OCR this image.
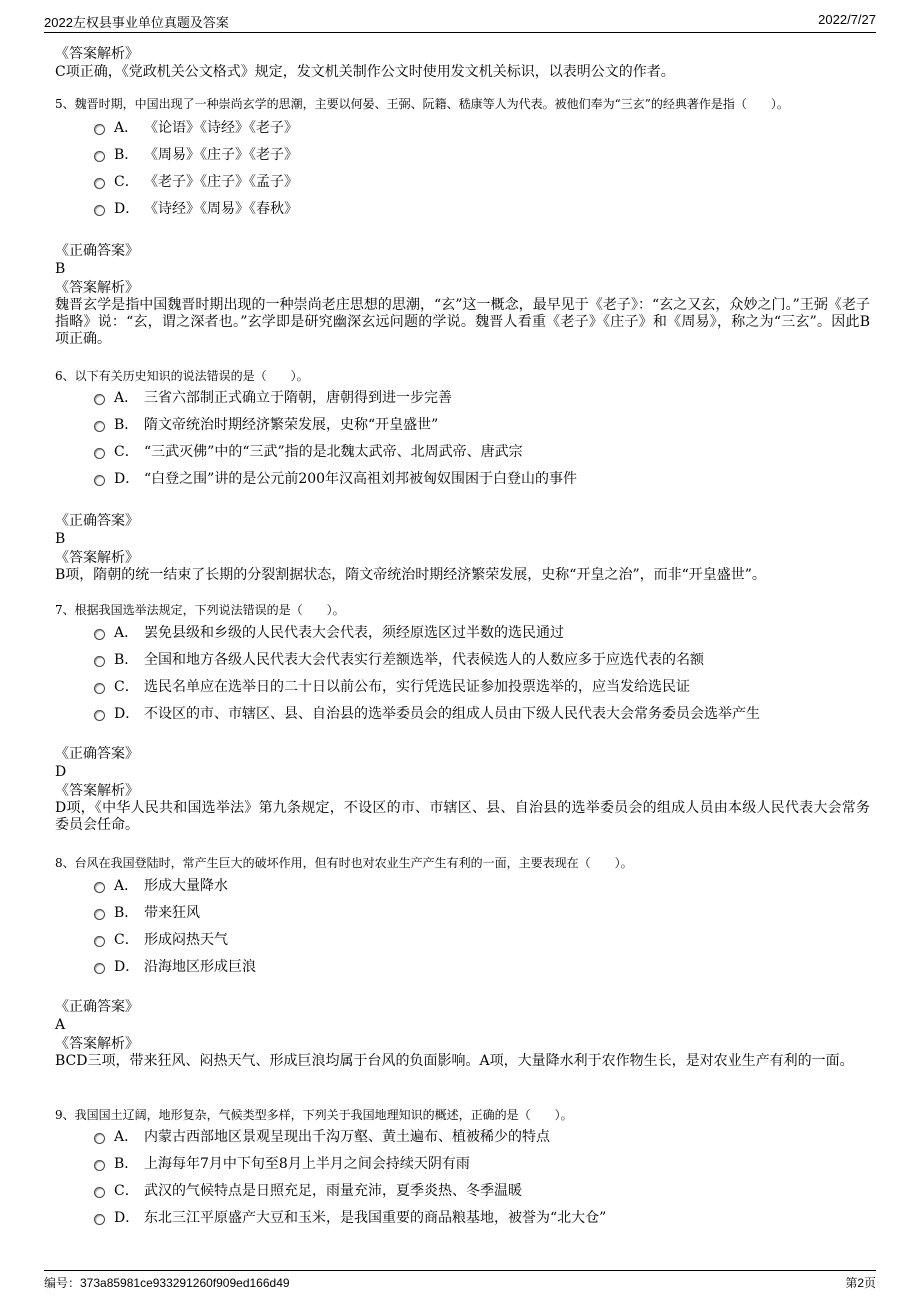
2022左权县事业单位真题及答案	2022/7/27
《答案解析》
C项正确，《党政机关公文格式》规定，发文机关制作公文时使用发文机关标识，以表明公文的作者。
5、魏晋时期，中国出现了一种崇尚玄学的思潮，主要以何晏、王弼、阮籍、嵇康等人为代表。被他们奉为“三玄”的经典著作是指（　　）。
A． 《论语》《诗经》《老子》
B． 《周易》《庄子》《老子》
C． 《老子》《庄子》《孟子》
D． 《诗经》《周易》《春秋》
《正确答案》
B
《答案解析》
魏晋玄学是指中国魏晋时期出现的一种崇尚老庄思想的思潮，“玄”这一概念，最早见于《老子》：“玄之又玄，众妙之门。”王弼《老子指略》说：“玄，谓之深者也。”玄学即是研究幽深玄远问题的学说。魏晋人看重《老子》《庄子》和《周易》，称之为“三玄”。因此B项正确。
6、以下有关历史知识的说法错误的是（　　）。
A． 三省六部制正式确立于隋朝，唐朝得到进一步完善
B． 隋文帝统治时期经济繁荣发展，史称“开皇盛世”
C． “三武灭佛”中的“三武”指的是北魏太武帝、北周武帝、唐武宗
D． “白登之围”讲的是公元前200年汉高祖刘邦被匈奴围困于白登山的事件
《正确答案》
B
《答案解析》
B项，隋朝的统一结束了长期的分裂割据状态，隋文帝统治时期经济繁荣发展，史称“开皇之治”，而非“开皇盛世”。
7、根据我国选举法规定，下列说法错误的是（　　）。
A． 罢免县级和乡级的人民代表大会代表，须经原选区过半数的选民通过
B． 全国和地方各级人民代表大会代表实行差额选举，代表候选人的人数应多于应选代表的名额
C． 选民名单应在选举日的二十日以前公布，实行凭选民证参加投票选举的，应当发给选民证
D． 不设区的市、市辖区、县、自治县的选举委员会的组成人员由下级人民代表大会常务委员会选举产生
《正确答案》
D
《答案解析》
D项，《中华人民共和国选举法》第九条规定，不设区的市、市辖区、县、自治县的选举委员会的组成人员由本级人民代表大会常务委员会任命。
8、台风在我国登陆时，常产生巨大的破坏作用，但有时也对农业生产产生有利的一面，主要表现在（　　）。
A． 形成大量降水
B． 带来狂风
C． 形成闷热天气
D． 沿海地区形成巨浪
《正确答案》
A
《答案解析》
BCD三项，带来狂风、闷热天气、形成巨浪均属于台风的负面影响。A项，大量降水利于农作物生长，是对农业生产有利的一面。
9、我国国土辽阔，地形复杂，气候类型多样，下列关于我国地理知识的概述，正确的是（　　）。
A． 内蒙古西部地区景观呈现出千沟万壑、黄土遍布、植被稀少的特点
B． 上海每年7月中下旬至8月上半月之间会持续天阴有雨
C． 武汉的气候特点是日照充足，雨量充沛，夏季炎热、冬季温暖
D． 东北三江平原盛产大豆和玉米，是我国重要的商品粮基地，被誉为“北大仓”
编号：373a85981ce933291260f909ed166d49	第2页
